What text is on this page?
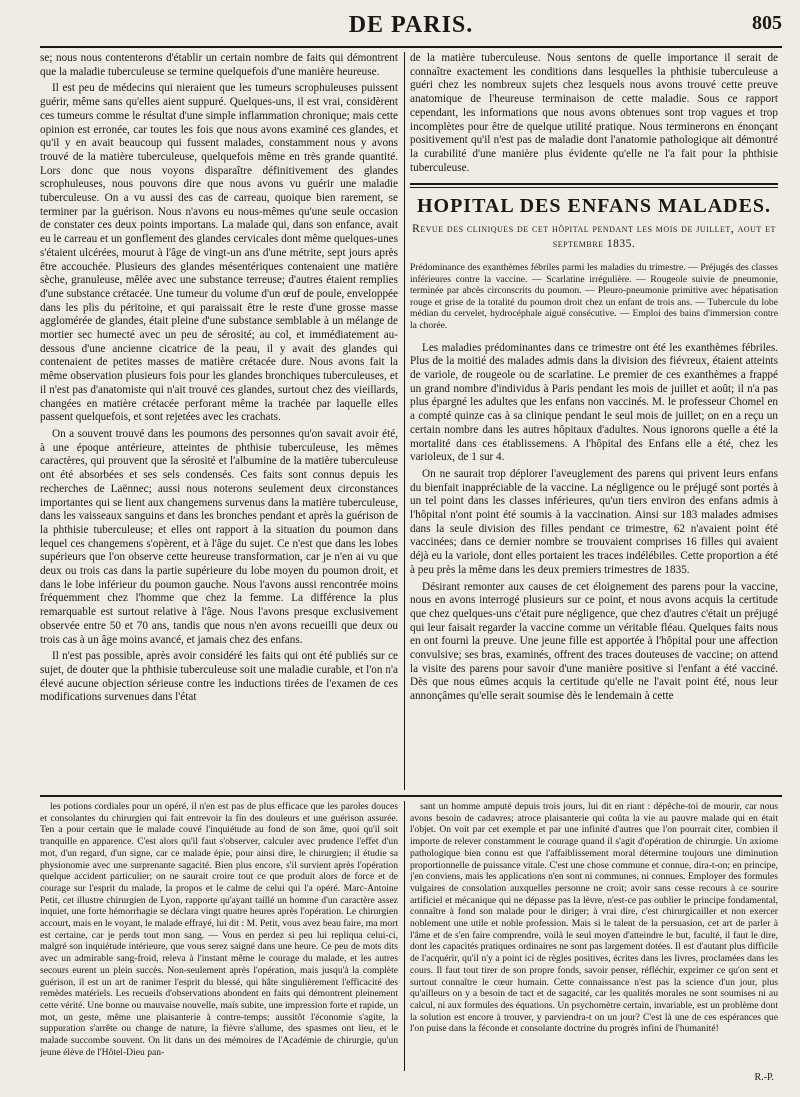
DE PARIS.	805

se; nous nous contenterons d'établir un certain nombre de faits qui démontrent que la maladie tuberculeuse se termine quelquefois d'une manière heureuse.

Il est peu de médecins qui nieraient que les tumeurs scrophuleuses puissent guérir, même sans qu'elles aient suppuré. Quelques-uns, il est vrai, considèrent ces tumeurs comme le résultat d'une simple inflammation chronique; mais cette opinion est erronée, car toutes les fois que nous avons examiné ces glandes, et qu'il y en avait beaucoup qui fussent malades, constamment nous y avons trouvé de la matière tuberculeuse, quelquefois même en très grande quantité. Lors donc que nous voyons disparaître définitivement des glandes scrophuleuses, nous pouvons dire que nous avons vu guérir une maladie tuberculeuse. On a vu aussi des cas de carreau, quoique bien rarement, se terminer par la guérison. Nous n'avons eu nous-mêmes qu'une seule occasion de constater ces deux points importans. La malade qui, dans son enfance, avait eu le carreau et un gonflement des glandes cervicales dont même quelques-unes s'étaient ulcérées, mourut à l'âge de vingt-un ans d'une métrite, sept jours après être accouchée. Plusieurs des glandes mésentériques contenaient une matière sèche, granuleuse, mêlée avec une substance terreuse; d'autres étaient remplies d'une substance crétacée. Une tumeur du volume d'un œuf de poule, enveloppée dans les plis du péritoine, et qui paraissait être le reste d'une grosse masse agglomérée de glandes, était pleine d'une substance semblable à un mélange de mortier sec humecté avec un peu de sérosité; au col, et immédiatement au-dessous d'une ancienne cicatrice de la peau, il y avait des glandes qui contenaient de petites masses de matière crétacée dure. Nous avons fait la même observation plusieurs fois pour les glandes bronchiques tuberculeuses, et il n'est pas d'anatomiste qui n'ait trouvé ces glandes, surtout chez des vieillards, changées en matière crétacée perforant même la trachée par laquelle elles passent quelquefois, et sont rejetées avec les crachats.

On a souvent trouvé dans les poumons des personnes qu'on savait avoir été, à une époque antérieure, atteintes de phthisie tuberculeuse, les mêmes caractères, qui prouvent que la sérosité et l'albumine de la matière tuberculeuse ont été absorbées et ses sels condensés. Ces faits sont connus depuis les recherches de Laënnec; aussi nous noterons seulement deux circonstances importantes qui se lient aux changemens survenus dans la matière tuberculeuse, dans les vaisseaux sanguins et dans les bronches pendant et après la guérison de la phthisie tuberculeuse; et elles ont rapport à la situation du poumon dans lequel ces changemens s'opèrent, et à l'âge du sujet. Ce n'est que dans les lobes supérieurs que l'on observe cette heureuse transformation, car je n'en ai vu que deux ou trois cas dans la partie supérieure du lobe moyen du poumon droit, et dans le lobe inférieur du poumon gauche. Nous l'avons aussi rencontrée moins fréquemment chez l'homme que chez la femme. La différence la plus remarquable est surtout relative à l'âge. Nous l'avons presque exclusivement observée entre 50 et 70 ans, tandis que nous n'en avons recueilli que deux ou trois cas à un âge moins avancé, et jamais chez des enfans.

Il n'est pas possible, après avoir considéré les faits qui ont été publiés sur ce sujet, de douter que la phthisie tuberculeuse soit une maladie curable, et l'on n'a élevé aucune objection sérieuse contre les inductions tirées de l'examen de ces modifications survenues dans l'état

de la matière tuberculeuse. Nous sentons de quelle importance il serait de connaître exactement les conditions dans lesquelles la phthisie tuberculeuse a guéri chez les nombreux sujets chez lesquels nous avons trouvé cette preuve anatomique de l'heureuse terminaison de cette maladie. Sous ce rapport cependant, les informations que nous avons obtenues sont trop vagues et trop incomplètes pour être de quelque utilité pratique. Nous terminerons en énonçant positivement qu'il n'est pas de maladie dont l'anatomie pathologique ait démontré la curabilité d'une manière plus évidente qu'elle ne l'a fait pour la phthisie tuberculeuse.

HOPITAL DES ENFANS MALADES.
Revue des cliniques de cet hôpital pendant les mois de juillet, aout et septembre 1835.
Prédominance des exanthèmes fébriles parmi les maladies du trimestre. — Préjugés des classes inférieures contre la vaccine. — Scarlatine irrégulière. — Rougeole suivie de pneumonie, terminée par abcès circonscrits du poumon. — Pleuro-pneumonie primitive avec hépatisation rouge et grise de la totalité du poumon droit chez un enfant de trois ans. — Tubercule du lobe médian du cervelet, hydrocéphale aiguë consécutive. — Emploi des bains d'immersion contre la chorée.

Les maladies prédominantes dans ce trimestre ont été les exanthèmes fébriles. Plus de la moitié des malades admis dans la division des fiévreux, étaient atteints de variole, de rougeole ou de scarlatine. Le premier de ces exanthèmes a frappé un grand nombre d'individus à Paris pendant les mois de juillet et août; il n'a pas plus épargné les adultes que les enfans non vaccinés. M. le professeur Chomel en a compté quinze cas à sa clinique pendant le seul mois de juillet; on en a reçu un certain nombre dans les autres hôpitaux d'adultes. Nous ignorons quelle a été la mortalité dans ces établissemens. A l'hôpital des Enfans elle a été, chez les varioleux, de 1 sur 4.

On ne saurait trop déplorer l'aveuglement des parens qui privent leurs enfans du bienfait inappréciable de la vaccine. La négligence ou le préjugé sont portés à un tel point dans les classes inférieures, qu'un tiers environ des enfans admis à l'hôpital n'ont point été soumis à la vaccination. Ainsi sur 183 malades admises dans la seule division des filles pendant ce trimestre, 62 n'avaient point été vaccinées; dans ce dernier nombre se trouvaient comprises 16 filles qui avaient déjà eu la variole, dont elles portaient les traces indélébiles. Cette proportion a été à peu près la même dans les deux premiers trimestres de 1835.

Désirant remonter aux causes de cet éloignement des parens pour la vaccine, nous en avons interrogé plusieurs sur ce point, et nous avons acquis la certitude que chez quelques-uns c'était pure négligence, que chez d'autres c'était un préjugé qui leur faisait regarder la vaccine comme un véritable fléau. Quelques faits nous en ont fourni la preuve. Une jeune fille est apportée à l'hôpital pour une affection convulsive; ses bras, examinés, offrent des traces douteuses de vaccine; on attend la visite des parens pour savoir d'une manière positive si l'enfant a été vacciné. Dès que nous eûmes acquis la certitude qu'elle ne l'avait point été, nous leur annonçâmes qu'elle serait soumise dès le lendemain à cette

les potions cordiales pour un opéré, il n'en est pas de plus efficace que les paroles douces et consolantes du chirurgien qui fait entrevoir la fin des douleurs et une guérison assurée. Ten a pour certain que le malade couvé l'inquiétude au fond de son âme, quoi qu'il soit tranquille en apparence. C'est alors qu'il faut s'observer, calculer avec prudence l'effet d'un mot, d'un regard, d'un signe, car ce malade épie, pour ainsi dire, le chirurgien; il étudie sa physionomie avec une surprenante sagacité. Bien plus encore, s'il survient après l'opération quelque accident particulier; on ne saurait croire tout ce que produit alors de force et de courage sur l'esprit du malade, la propos et le calme de celui qui l'a opéré. Marc-Antoine Petit, cet illustre chirurgien de Lyon, rapporte qu'ayant taillé un homme d'un caractère assez inquiet, une forte hémorrhagie se déclara vingt quatre heures après l'opération. Le chirurgien accourt, mais en le voyant, le malade effrayé, lui dit : M. Petit, vous avez beau faire, ma mort est certaine, car je perds tout mon sang. — Vous en perdez si peu lui repliqua celui-ci, malgré son inquiétude intérieure, que vous serez saigné dans une heure. Ce peu de mots dits avec un admirable sang-froid, releva à l'instant même le courage du malade, et les autres secours eurent un plein succès. Non-seulement après l'opération, mais jusqu'à la complète guérison, il est un art de ranimer l'esprit du blessé, qui hâte singulièrement l'efficacité des remèdes matériels. Les recueils d'observations abondent en faits qui démontrent pleinement cette vérité. Une bonne ou mauvaise nouvelle, mais subite, une impression forte et rapide, un mot, un geste, même une plaisanterie à contre-temps; aussitôt l'économie s'agite, la suppuration s'arrête ou change de nature, la fièvre s'allume, des spasmes ont lieu, et le malade succombe souvent. On lit dans un des mémoires de l'Académie de chirurgie, qu'un jeune élève de l'Hôtel-Dieu pan-

sant un homme amputé depuis trois jours, lui dit en riant : dépêche-toi de mourir, car nous avons besoin de cadavres; atroce plaisanterie qui coûta la vie au pauvre malade qui en était l'objet. On voit par cet exemple et par une infinité d'autres que l'on pourrait citer, combien il importe de relever constamment le courage quand il s'agit d'opération de chirurgie. Un axiome pathologique bien connu est que l'affaiblissement moral détermine toujours une diminution proportionnelle de puissance vitale. C'est une chose commune et connue, dira-t-on; en principe, j'en conviens, mais les applications n'en sont ni communes, ni connues. Employer des formules vulgaires de consolation auxquelles personne ne croit; avoir sans cesse recours à ce sourire artificiel et mécanique qui ne dépasse pas la lèvre, n'est-ce pas oublier le principe fondamental, connaître à fond son malade pour le diriger; à vrai dire, c'est chirurgicailler et non exercer noblement une utile et noble profession. Mais si le talent de la persuasion, cet art de parler à l'âme et de s'en faire comprendre, voilà le seul moyen d'atteindre le but, faculté, il faut le dire, dont les capacités pratiques ordinaires ne sont pas largement dotées. Il est d'autant plus difficile de l'acquérir, qu'il n'y a point ici de règles positives, écrites dans les livres, proclamées dans les cours. Il faut tout tirer de son propre fonds, savoir penser, réfléchir, exprimer ce qu'on sent et surtout connaître le cœur humain. Cette connaissance n'est pas la science d'un jour, plus qu'ailleurs on y a besoin de tact et de sagacité, car les qualités morales ne sont soumises ni au calcul, ni aux formules des équations. Un psychomètre certain, invariable, est un problème dont la solution est encore à trouver, y parviendra-t on un jour? C'est là une de ces espérances que l'on puise dans la féconde et consolante doctrine du progrès infini de l'humanité!

R.-P.
